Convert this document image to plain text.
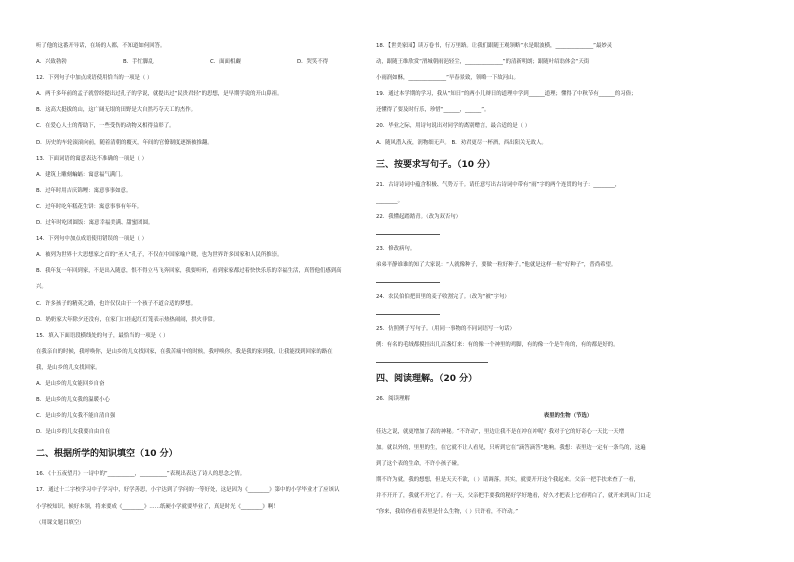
听了他的这番开导话，在场的人都，不知道如何回答。
A．兴致勃勃	B．手忙脚乱	C．面面相觑	D．哭笑不得
12．下列句子中加点成语使用恰当的一项是（ ）
A．两千多年前的孟子就曾经提出过孔子的学说，就提出过“民贵君轻”的思想，是早期学说的开山鼻祖。
B．这高大挺拔的山，这广阔无垠的田野是大自然巧夺天工的杰作。
C．在爱心人士的帮助下，一些受伤的动物又相得益彰了。
D．历史的车轮滚滚向前，随着清朝的覆灭，年间的官僚制度逐渐被推翻。
13．下面词语的寓意表达不准确的一项是（ ）
A．建筑上雕刻蝙蝠：寓意福气满门。
B．过年时用吉庆锦鲤：寓意事事如意。
C．过年时吃年糕花生饼：寓意事事有年年。
D．过年时吃团圆饭：寓意幸福美满、甜蜜团圆。
14．下列句中加点成语使用错误的一项是（ ）
A．被列为世界十大思想家之首的“圣人”孔子，不仅在中国家喻户晓，也为世界许多国家和人民所推崇。
B．我年复一年回到家，不是出入随意，恨不得立马飞奔回家，我要听听，看到家家都过着快快乐乐的幸福生活，真替他们感到高
兴。
C．许多孩子的精英之路，也许仅仅由于一个孩子不道合适的梦想。
D．奶奶家大年除夕还没有，在家门口挂起红灯笼表示热热闹闹，拱火非常。
15．填入下面语段横线处的句子，最恰当的一项是（ ）
在我亲自的时候，我呼唤你，是山乡的儿女找回家，在我苦痛中的时候，我呼唤你，我是我的家到我，让我能找到回家的路在
我，是山乡的儿女找回家。
A．是山乡的儿女能回乡自奋
B．是山乡的儿女我的温暖小心
C．是山乡的儿女我不能自清自强
D．是山乡的儿女我要自由自在
二、根据所学的知识填空（10 分）
16．《十五夜望月》一诗中的“__________，__________”表现出表达了诗人的思念之情。
17．通过十二字校学习中子学习中，好学善思，小宇达到了学问的一等好处，这是因为《________》第中的小学毕业才了应该认
小学校知识。候好本领，将来要成《________》……纸硬小学就要毕业了，真是时光《________》啊！
（用课文题目填空）
18．【世美家园】读万卷书，行万里路。让我们跟随王观领略“水是眼波横，______________”最妙灵
动，跟随王维欣赏“渭城朝雨浥轻尘，______________”的清新明朗；跟随叶绍翁体会“天街
小雨润如酥，______________”早春景致，领略一下故河山。
19．通过本学期的学习，我从“知日”的两小儿辩日的道理中学到______道理；懂得了中秋节有______的习俗；
还懂得了要及时行乐，珍惜“______，______”。
20．毕业之际，用诗句说出对同学的离别赠言，最合适的是（ ）
A．随风潜入夜，润物细无声。 B．劝君更尽一杯酒，西出阳关无故人。
三、按要求写句子。（10 分）
21．古诗诗词中蕴含积极、气势万千。请任意写出古诗词中带有“雨”字的两个连贯的句子：________，
________。
22．我懂起踏踏青。（改为双否句）
23．修改病句。
弟弟平静谁谁的知了大家说：“人就像种子，要做一粒好种子。”他就是这样一粒“好种子”，普尚希望。
24．农民伯伯把田里的麦子收割完了。（改为“被”字句）
25．仿照例子写句子。（用同一事物的不同词语写一句话）
例：有名的毛绒都摸挂出几百盏灯来：有的像一个神里的鸡脚，有的像一个是牛角的，有的都是好的。
四、阅读理解。（20 分）
26．阅读理解
表里的生物（节选）
佳达之说，就更增加了表的神秘。“不许动”，里边让我不是在冲在冲呢？我对于它的好奇心一天比一天增
加。就以外的，里里的生，在它就不让人看见，只听到它在“滴答滴答”地响。我想：表里边一定有一条鸟的，这遍
到了这个表的生命，不许小孩子碰。
期不许为就，我的想想，但是天天不欲，（ ）请调落。其实，就要开开这个我起来。父亲一把手扶来查了一看，
并不开开了，我就不开它了。有一天，父亲把手要我的秘好学好地看，好久才把表上它看明白了，就开来到从门口走
“你来，我给你看看表里是什么生物，（ ）只许看，不许动。”
